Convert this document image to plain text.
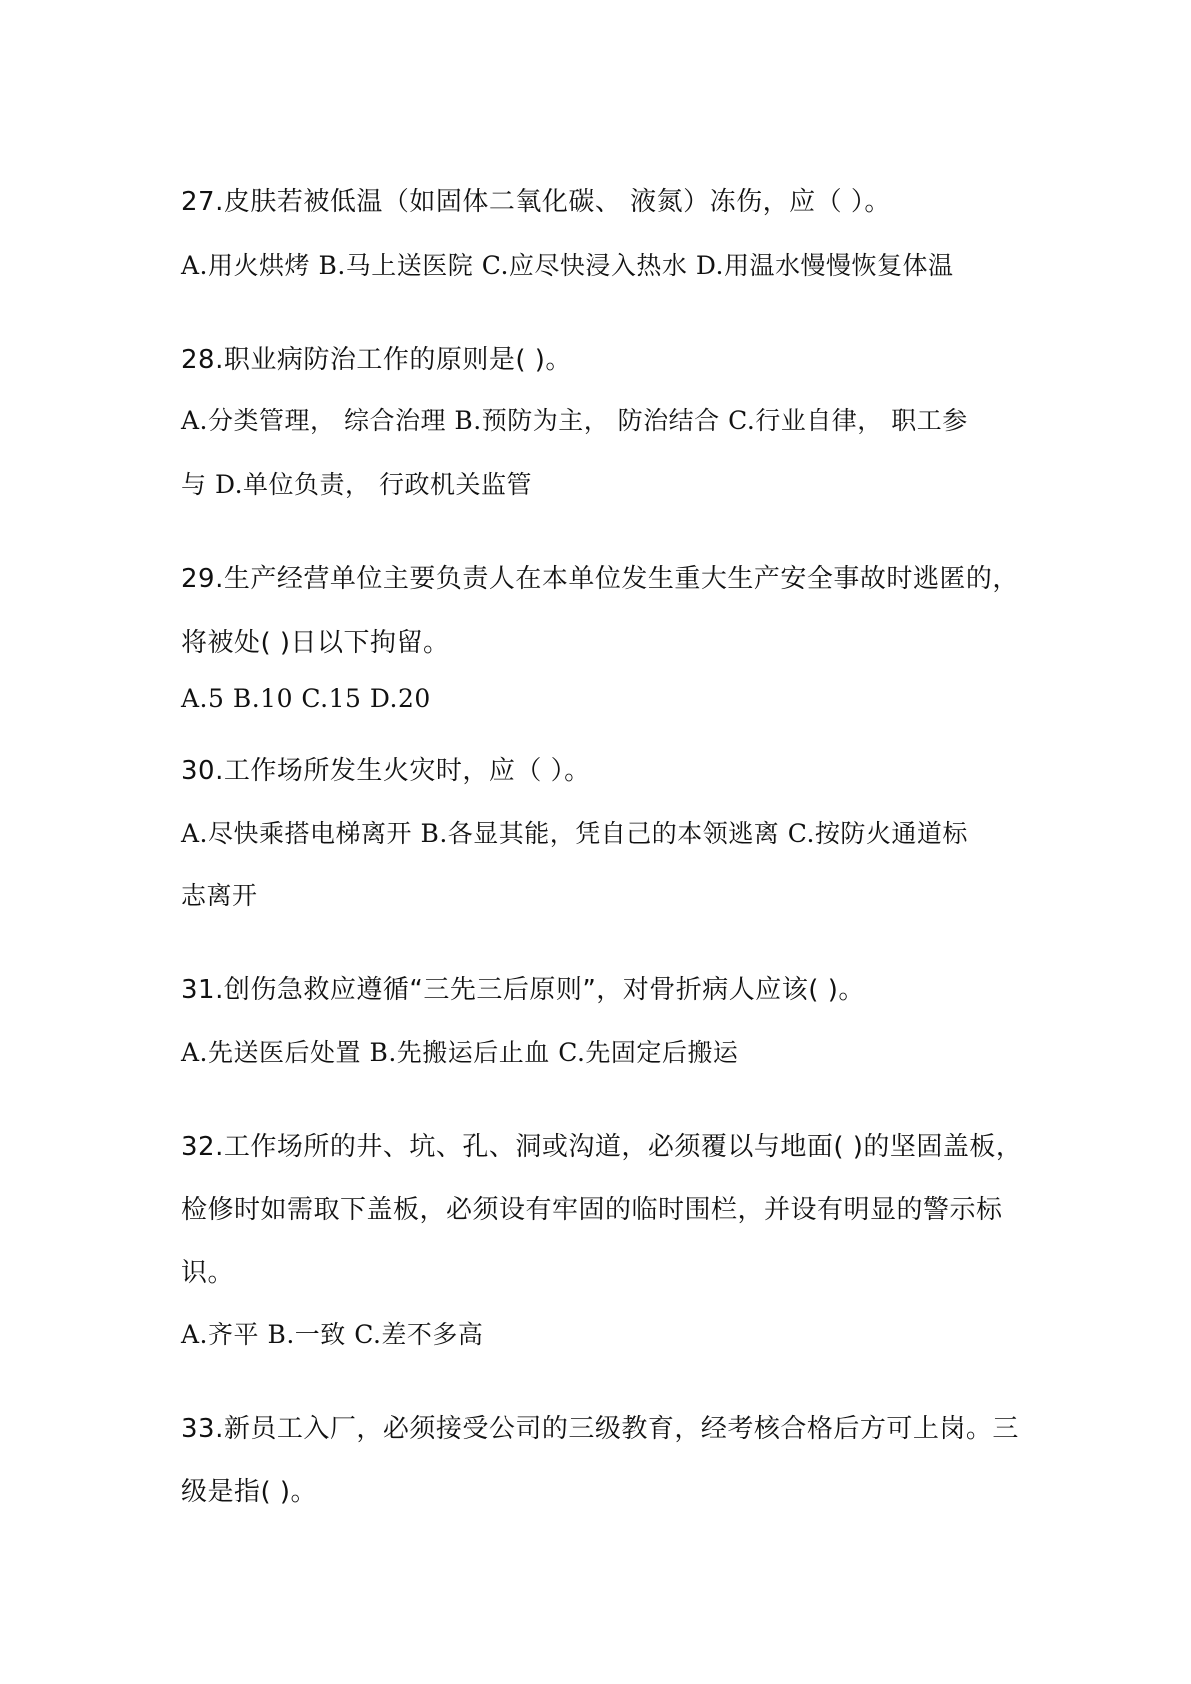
27.皮肤若被低温（如固体二氧化碳、 液氮）冻伤，应（ ）。
A.用火烘烤 B.马上送医院 C.应尽快浸入热水 D.用温水慢慢恢复体温
28.职业病防治工作的原则是( )。
A.分类管理， 综合治理 B.预防为主， 防治结合 C.行业自律， 职工参
与 D.单位负责， 行政机关监管
29.生产经营单位主要负责人在本单位发生重大生产安全事故时逃匿的，
将被处( )日以下拘留。
A.5 B.10 C.15 D.20
30.工作场所发生火灾时，应（ ）。
A.尽快乘搭电梯离开 B.各显其能，凭自己的本领逃离 C.按防火通道标
志离开
31.创伤急救应遵循“三先三后原则”，对骨折病人应该( )。
A.先送医后处置 B.先搬运后止血 C.先固定后搬运
32.工作场所的井、坑、孔、洞或沟道，必须覆以与地面( )的坚固盖板，
检修时如需取下盖板，必须设有牢固的临时围栏，并设有明显的警示标
识。
A.齐平 B.一致 C.差不多高
33.新员工入厂，必须接受公司的三级教育，经考核合格后方可上岗。三
级是指( )。
